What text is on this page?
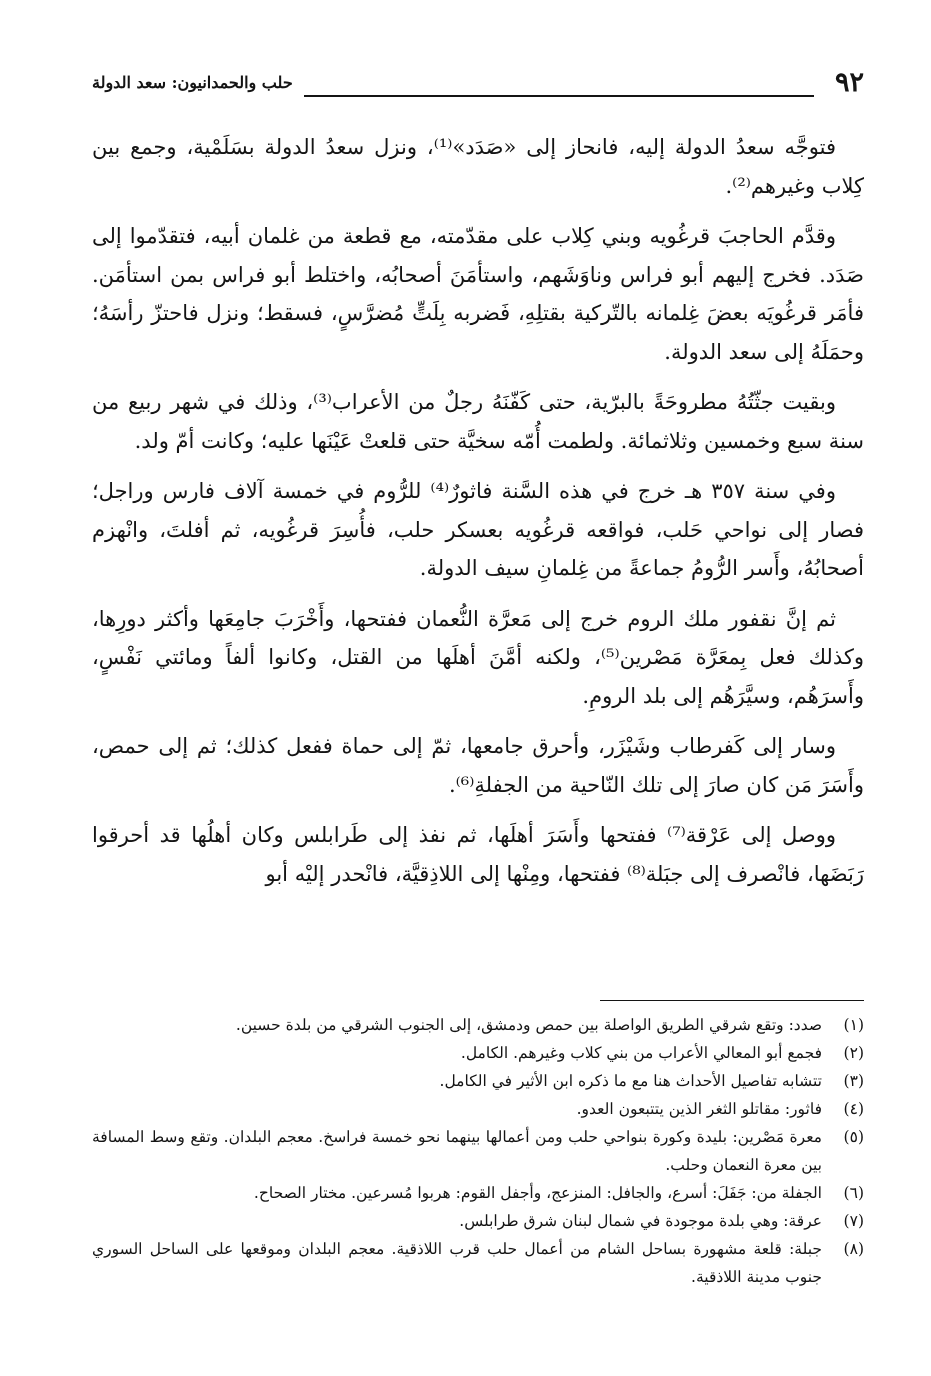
٩٢
حلب والحمدانيون: سعد الدولة

فتوجَّه سعدُ الدولة إليه، فانحاز إلى «صَدَد»⁽¹⁾، ونزل سعدُ الدولة بسَلَمْية، وجمع بين كِلاب وغيرهم⁽²⁾.

وقدَّم الحاجبَ قرغُويه وبني كِلاب على مقدّمته، مع قطعة من غلمان أبيه، فتقدّموا إلى صَدَد. فخرج إليهم أبو فراس وناوَشَهم، واستأمَنَ أصحابُه، واختلط أبو فراس بمن استأمَن. فأمَر قرغُويَه بعضَ غِلمانه بالتّركية بقتلِهِ، فَضربه بِلَتٍّ مُضرَّسٍ، فسقط؛ ونزل فاحتزّ رأسَهُ؛ وحمَلَهُ إلى سعد الدولة.

وبقيت جثّتُهُ مطروحَةً بالبرّية، حتى كَفّنَهُ رجلٌ من الأعراب⁽³⁾، وذلك في شهر ربيع من سنة سبع وخمسين وثلاثمائة. ولطمت أُمّه سخيَّة حتى قلعتْ عَيْنَها عليه؛ وكانت أمّ ولد.

وفي سنة ٣٥٧ هـ خرج في هذه السَّنة فاثورٌ⁽⁴⁾ للرُّوم في خمسة آلاف فارس وراجل؛ فصار إلى نواحي حَلب، فواقعه قرغُويه بعسكر حلب، فأُسِرَ قرغُويه، ثم أفلتَ، وانْهزم أصحابُهُ، وأَسر الرُّومُ جماعةً من غِلمانِ سيف الدولة.

ثم إنَّ نقفور ملك الروم خرج إلى مَعرَّة النُّعمان ففتحها، وأَخْرَبَ جامِعَها وأكثر دورِها، وكذلك فعل بِمعَرَّة مَصْرين⁽⁵⁾، ولكنه أمَّنَ أهلَها من القتل، وكانوا ألفاً ومائتي نَفْسٍ، وأَسرَهُم، وسيَّرَهُم إلى بلد الرومِ.

وسار إلى كَفرطاب وشَيْزَر، وأحرق جامعها، ثمّ إلى حماة ففعل كذلك؛ ثم إلى حمص، وأَسَرَ مَن كان صارَ إلى تلك النّاحية من الجفلةِ⁽⁶⁾.

ووصل إلى عَرْقة⁽⁷⁾ ففتحها وأَسَرَ أهلَها، ثم نفذ إلى طَرابلس وكان أهلُها قد أحرقوا رَبَضَها، فانْصرف إلى جبَلة⁽⁸⁾ ففتحها، ومِنْها إلى اللاذِقيَّة، فانْحدر إليْه أبو

(١)
صدد: وتقع شرقي الطريق الواصلة بين حمص ودمشق، إلى الجنوب الشرقي من بلدة حسين.

(٢)
فجمع أبو المعالي الأعراب من بني كلاب وغيرهم. الكامل.

(٣)
تتشابه تفاصيل الأحداث هنا مع ما ذكره ابن الأثير في الكامل.

(٤)
فاثور: مقاتلو الثغر الذين يتتبعون العدو.

(٥)
معرة مَصْرين: بليدة وكورة بنواحي حلب ومن أعمالها بينهما نحو خمسة فراسخ. معجم البلدان. وتقع وسط المسافة بين معرة النعمان وحلب.

(٦)
الجفلة من: جَفَلَ: أسرع، والجافل: المنزعج، وأجفل القوم: هربوا مُسرعين. مختار الصحاح.

(٧)
عرقة: وهي بلدة موجودة في شمال لبنان شرق طرابلس.

(٨)
جبلة: قلعة مشهورة بساحل الشام من أعمال حلب قرب اللاذقية. معجم البلدان وموقعها على الساحل السوري جنوب مدينة اللاذقية.
